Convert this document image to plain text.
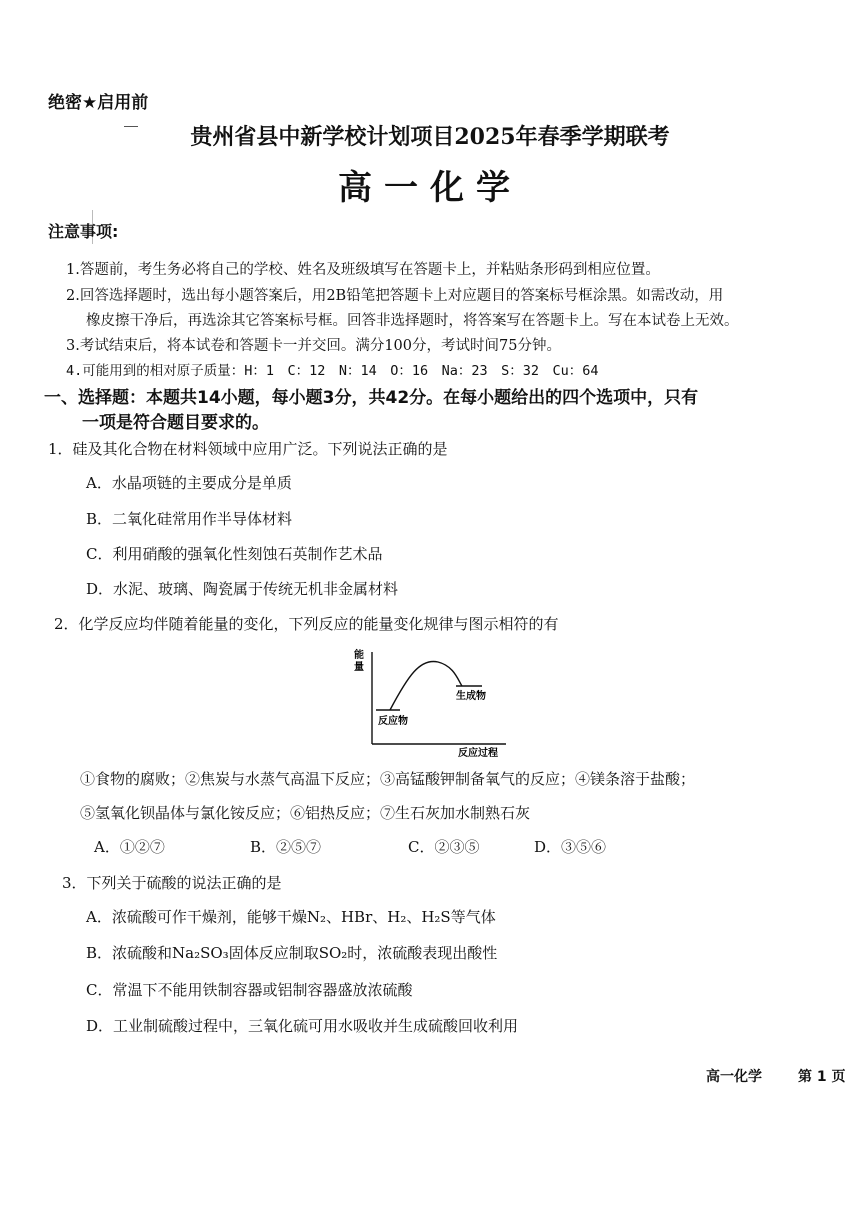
绝密★启用前
贵州省县中新学校计划项目2025年春季学期联考
高一化学
注意事项:
1.答题前，考生务必将自己的学校、姓名及班级填写在答题卡上，并粘贴条形码到相应位置。
2.回答选择题时，选出每小题答案后，用2B铅笔把答题卡上对应题目的答案标号框涂黑。如需改动，用
橡皮擦干净后，再选涂其它答案标号框。回答非选择题时，将答案写在答题卡上。写在本试卷上无效。
3.考试结束后，将本试卷和答题卡一并交回。满分100分，考试时间75分钟。
4.可能用到的相对原子质量：H：1　C：12　N：14　O：16　Na：23　S：32　Cu：64
一、选择题：本题共14小题，每小题3分，共42分。在每小题给出的四个选项中，只有
一项是符合题目要求的。
1．硅及其化合物在材料领域中应用广泛。下列说法正确的是
A．水晶项链的主要成分是单质
B．二氧化硅常用作半导体材料
C．利用硝酸的强氧化性刻蚀石英制作艺术品
D．水泥、玻璃、陶瓷属于传统无机非金属材料
2．化学反应均伴随着能量的变化，下列反应的能量变化规律与图示相符的有
能
量
反应物
生成物
反应过程
①食物的腐败；②焦炭与水蒸气高温下反应；③高锰酸钾制备氧气的反应；④镁条溶于盐酸；
⑤氢氧化钡晶体与氯化铵反应；⑥铝热反应；⑦生石灰加水制熟石灰
A．①②⑦	B．②⑤⑦	C．②③⑤	D．③⑤⑥
3．下列关于硫酸的说法正确的是
A．浓硫酸可作干燥剂，能够干燥N₂、HBr、H₂、H₂S等气体
B．浓硫酸和Na₂SO₃固体反应制取SO₂时，浓硫酸表现出酸性
C．常温下不能用铁制容器或铝制容器盛放浓硫酸
D．工业制硫酸过程中，三氧化硫可用水吸收并生成硫酸回收利用
高一化学	第 1 页
